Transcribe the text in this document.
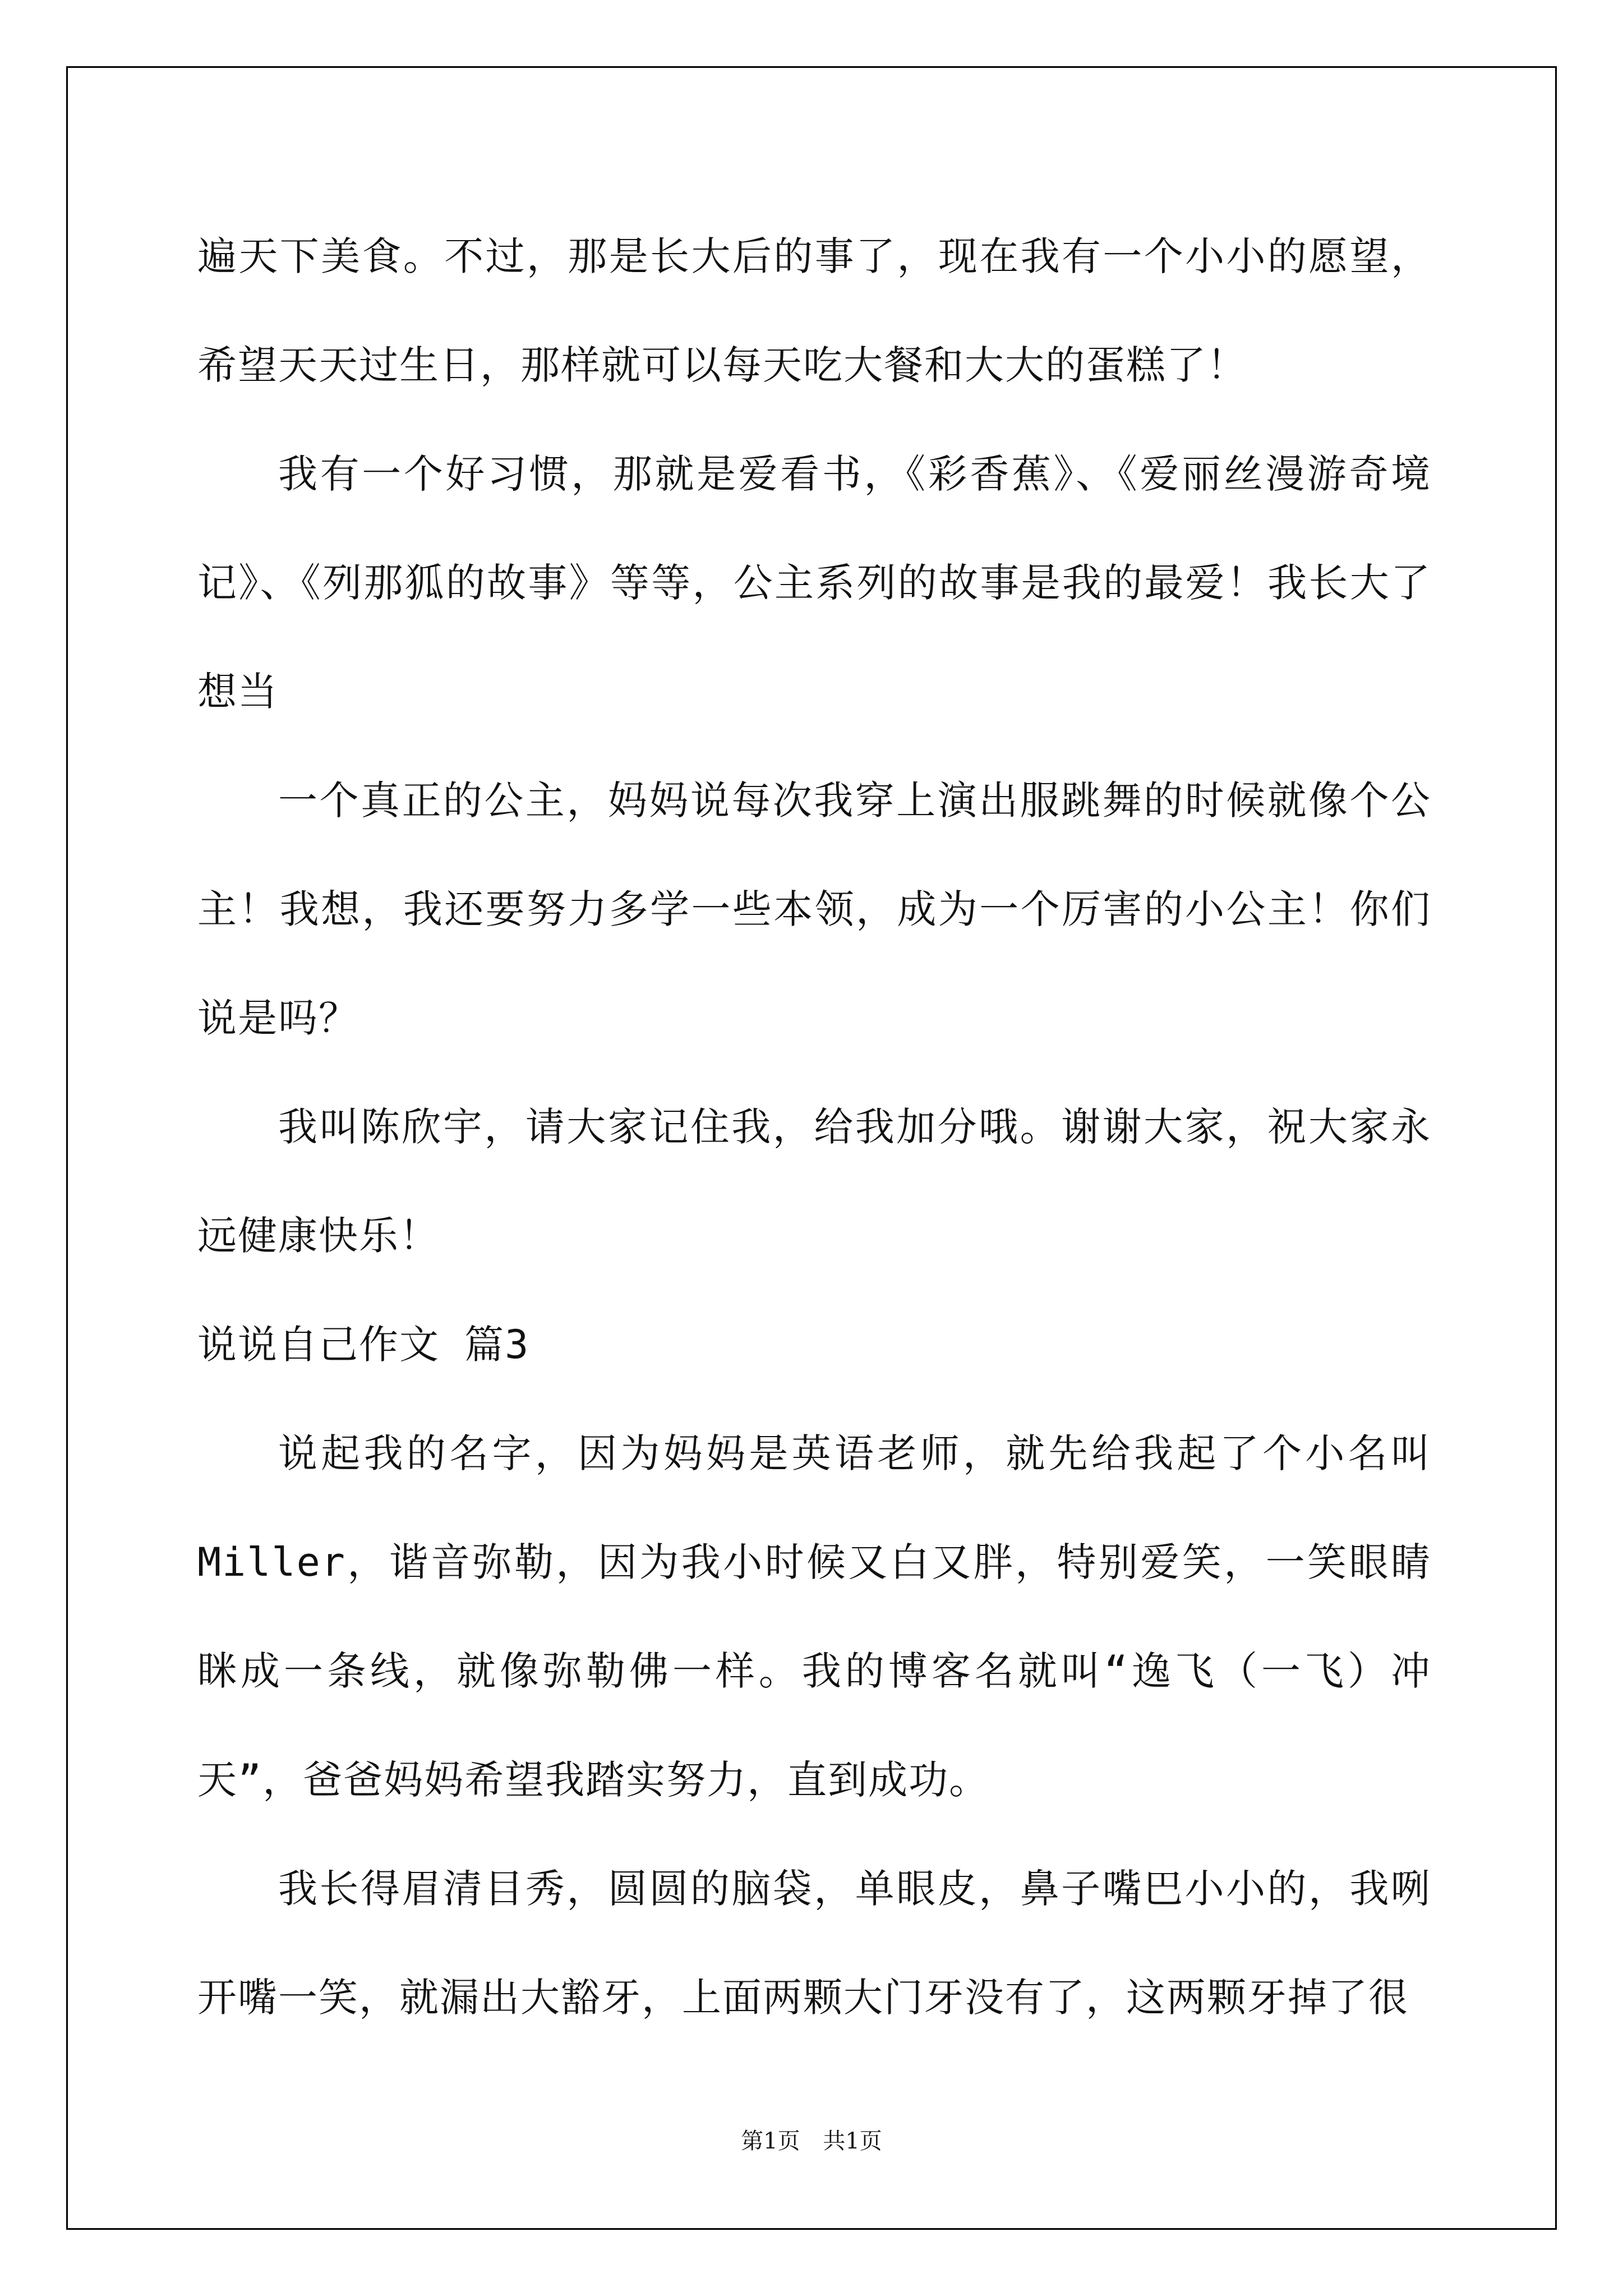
遍天下美食。不过，那是长大后的事了，现在我有一个小小的愿望，希望天天过生日，那样就可以每天吃大餐和大大的蛋糕了！

我有一个好习惯，那就是爱看书，《彩香蕉》、《爱丽丝漫游奇境记》、《列那狐的故事》等等，公主系列的故事是我的最爱！我长大了想当

一个真正的公主，妈妈说每次我穿上演出服跳舞的时候就像个公主！我想，我还要努力多学一些本领，成为一个厉害的小公主！你们说是吗？

我叫陈欣宇，请大家记住我，给我加分哦。谢谢大家，祝大家永远健康快乐！

说说自己作文 篇3

说起我的名字，因为妈妈是英语老师，就先给我起了个小名叫Miller，谐音弥勒，因为我小时候又白又胖，特别爱笑，一笑眼睛眯成一条线，就像弥勒佛一样。我的博客名就叫“逸飞（一飞）冲天”，爸爸妈妈希望我踏实努力，直到成功。

我长得眉清目秀，圆圆的脑袋，单眼皮，鼻子嘴巴小小的，我咧开嘴一笑，就漏出大豁牙，上面两颗大门牙没有了，这两颗牙掉了很

第1页 共1页
